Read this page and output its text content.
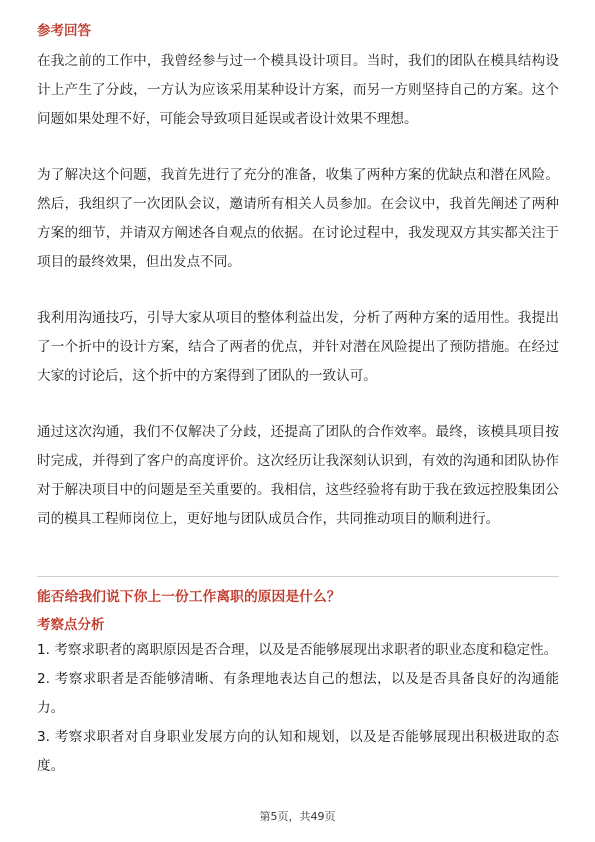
参考回答

在我之前的工作中，我曾经参与过一个模具设计项目。当时，我们的团队在模具结构设计上产生了分歧，一方认为应该采用某种设计方案，而另一方则坚持自己的方案。这个问题如果处理不好，可能会导致项目延误或者设计效果不理想。

为了解决这个问题，我首先进行了充分的准备，收集了两种方案的优缺点和潜在风险。然后，我组织了一次团队会议，邀请所有相关人员参加。在会议中，我首先阐述了两种方案的细节，并请双方阐述各自观点的依据。在讨论过程中，我发现双方其实都关注于项目的最终效果，但出发点不同。

我利用沟通技巧，引导大家从项目的整体利益出发，分析了两种方案的适用性。我提出了一个折中的设计方案，结合了两者的优点，并针对潜在风险提出了预防措施。在经过大家的讨论后，这个折中的方案得到了团队的一致认可。

通过这次沟通，我们不仅解决了分歧，还提高了团队的合作效率。最终，该模具项目按时完成，并得到了客户的高度评价。这次经历让我深刻认识到，有效的沟通和团队协作对于解决项目中的问题是至关重要的。我相信，这些经验将有助于我在致远控股集团公司的模具工程师岗位上，更好地与团队成员合作，共同推动项目的顺利进行。

能否给我们说下你上一份工作离职的原因是什么？
考察点分析
1. 考察求职者的离职原因是否合理，以及是否能够展现出求职者的职业态度和稳定性。
2. 考察求职者是否能够清晰、有条理地表达自己的想法，以及是否具备良好的沟通能力。
3. 考察求职者对自身职业发展方向的认知和规划，以及是否能够展现出积极进取的态度。
第5页，共49页
